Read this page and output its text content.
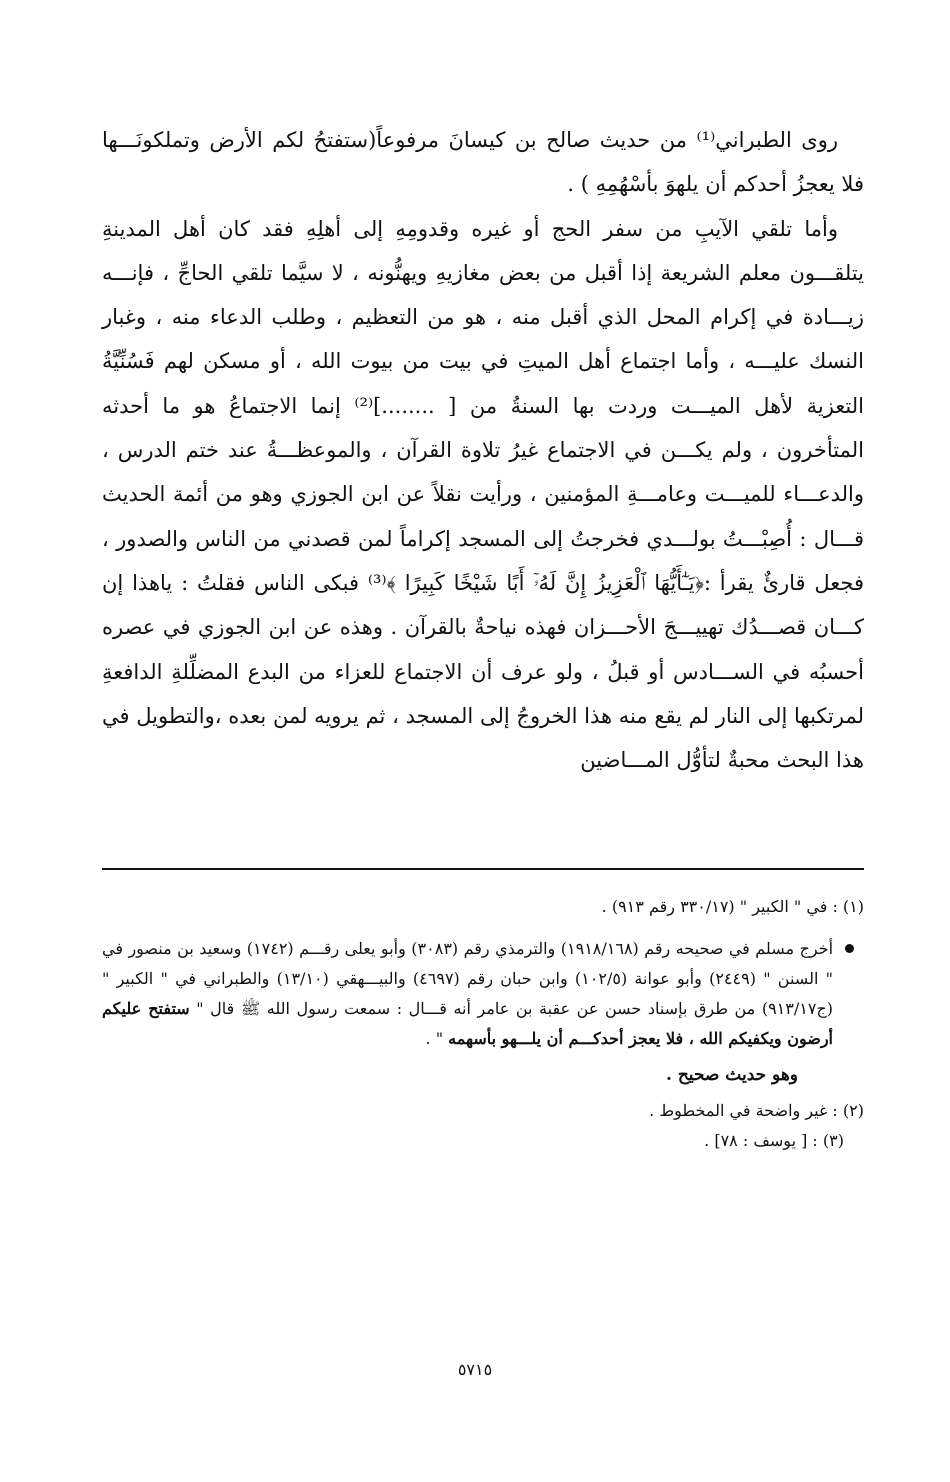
روى الطبراني⁽¹⁾ من حديث صالح بن كيسانَ مرفوعاً(ستفتحُ لكم الأرض وتملكونَـــها فلا يعجزُ أحدكم أن يلهوَ بأسْهُمِهِ ) .

وأما تلقي الآيبِ من سفر الحج أو غيره وقدومِهِ إلى أهلِهِ فقد كان أهل المدينةِ يتلقـــون معلم الشريعة إذا أقبل من بعض مغازيهِ ويهنُّونه ، لا سيَّما تلقي الحاجِّ ، فإنـــه زيـــادة في إكرام المحل الذي أقبل منه ، هو من التعظيم ، وطلب الدعاء منه ، وغبار النسك عليـــه ، وأما اجتماع أهل الميتِ في بيت من بيوت الله ، أو مسكن لهم فَسُنِّيَّةُ التعزية لأهل الميـــت وردت بها السنةُ من [ ........]⁽²⁾ إنما الاجتماعُ هو ما أحدثه المتأخرون ، ولم يكـــن في الاجتماع غيرُ تلاوة القرآن ، والموعظـــةُ عند ختم الدرس ، والدعـــاء للميـــت وعامـــةِ المؤمنين ، ورأيت نقلاً عن ابن الجوزي وهو من أئمة الحديث قـــال : أُصِبْـــتُ بولـــدي فخرجتُ إلى المسجد إكراماً لمن قصدني من الناس والصدور ، فجعل قارئٌ يقرأ :﴿يَـٰٓأَيُّهَا ٱلْعَزِيزُ إِنَّ لَهُۥٓ أَبًا شَيْخًا كَبِيرًا ﴾⁽³⁾ فبكى الناس فقلتُ : ياهذا إن كـــان قصـــدُك تهييـــجَ الأحـــزان فهذه نياحةٌ بالقرآن . وهذه عن ابن الجوزي في عصره أحسبُه في الســـادس أو قبلُ ، ولو عرف أن الاجتماع للعزاء من البدع المضلِّلةِ الدافعةِ لمرتكبها إلى النار لم يقع منه هذا الخروجُ إلى المسجد ، ثم يرويه لمن بعده ،والتطويل في هذا البحث محبةٌ لتأوُّل المـــاضين

(١) : في " الكبير " (٣٣٠/١٧ رقم ٩١٣) .

أخرج مسلم في صحيحه رقم (١٩١٨/١٦٨) والترمذي رقم (٣٠٨٣) وأبو يعلى رقـــم (١٧٤٢) وسعيد بن منصور في " السنن " (٢٤٤٩) وأبو عوانة (١٠٢/٥) وابن حبان رقم (٤٦٩٧) والبيـــهقي (١٣/١٠) والطبراني في " الكبير " (ج٩١٣/١٧) من طرق بإسناد حسن عن عقبة بن عامر أنه قـــال : سمعت رسول الله ﷺ قال " ستفتح عليكم أرضون ويكفيكم الله ، فلا يعجز أحدكـــم أن يلـــهو بأسهمه " .

وهو حديث صحيح .

(٢) : غير واضحة في المخطوط .

(٣) : [ يوسف : ٧٨] .

٥٧١٥
